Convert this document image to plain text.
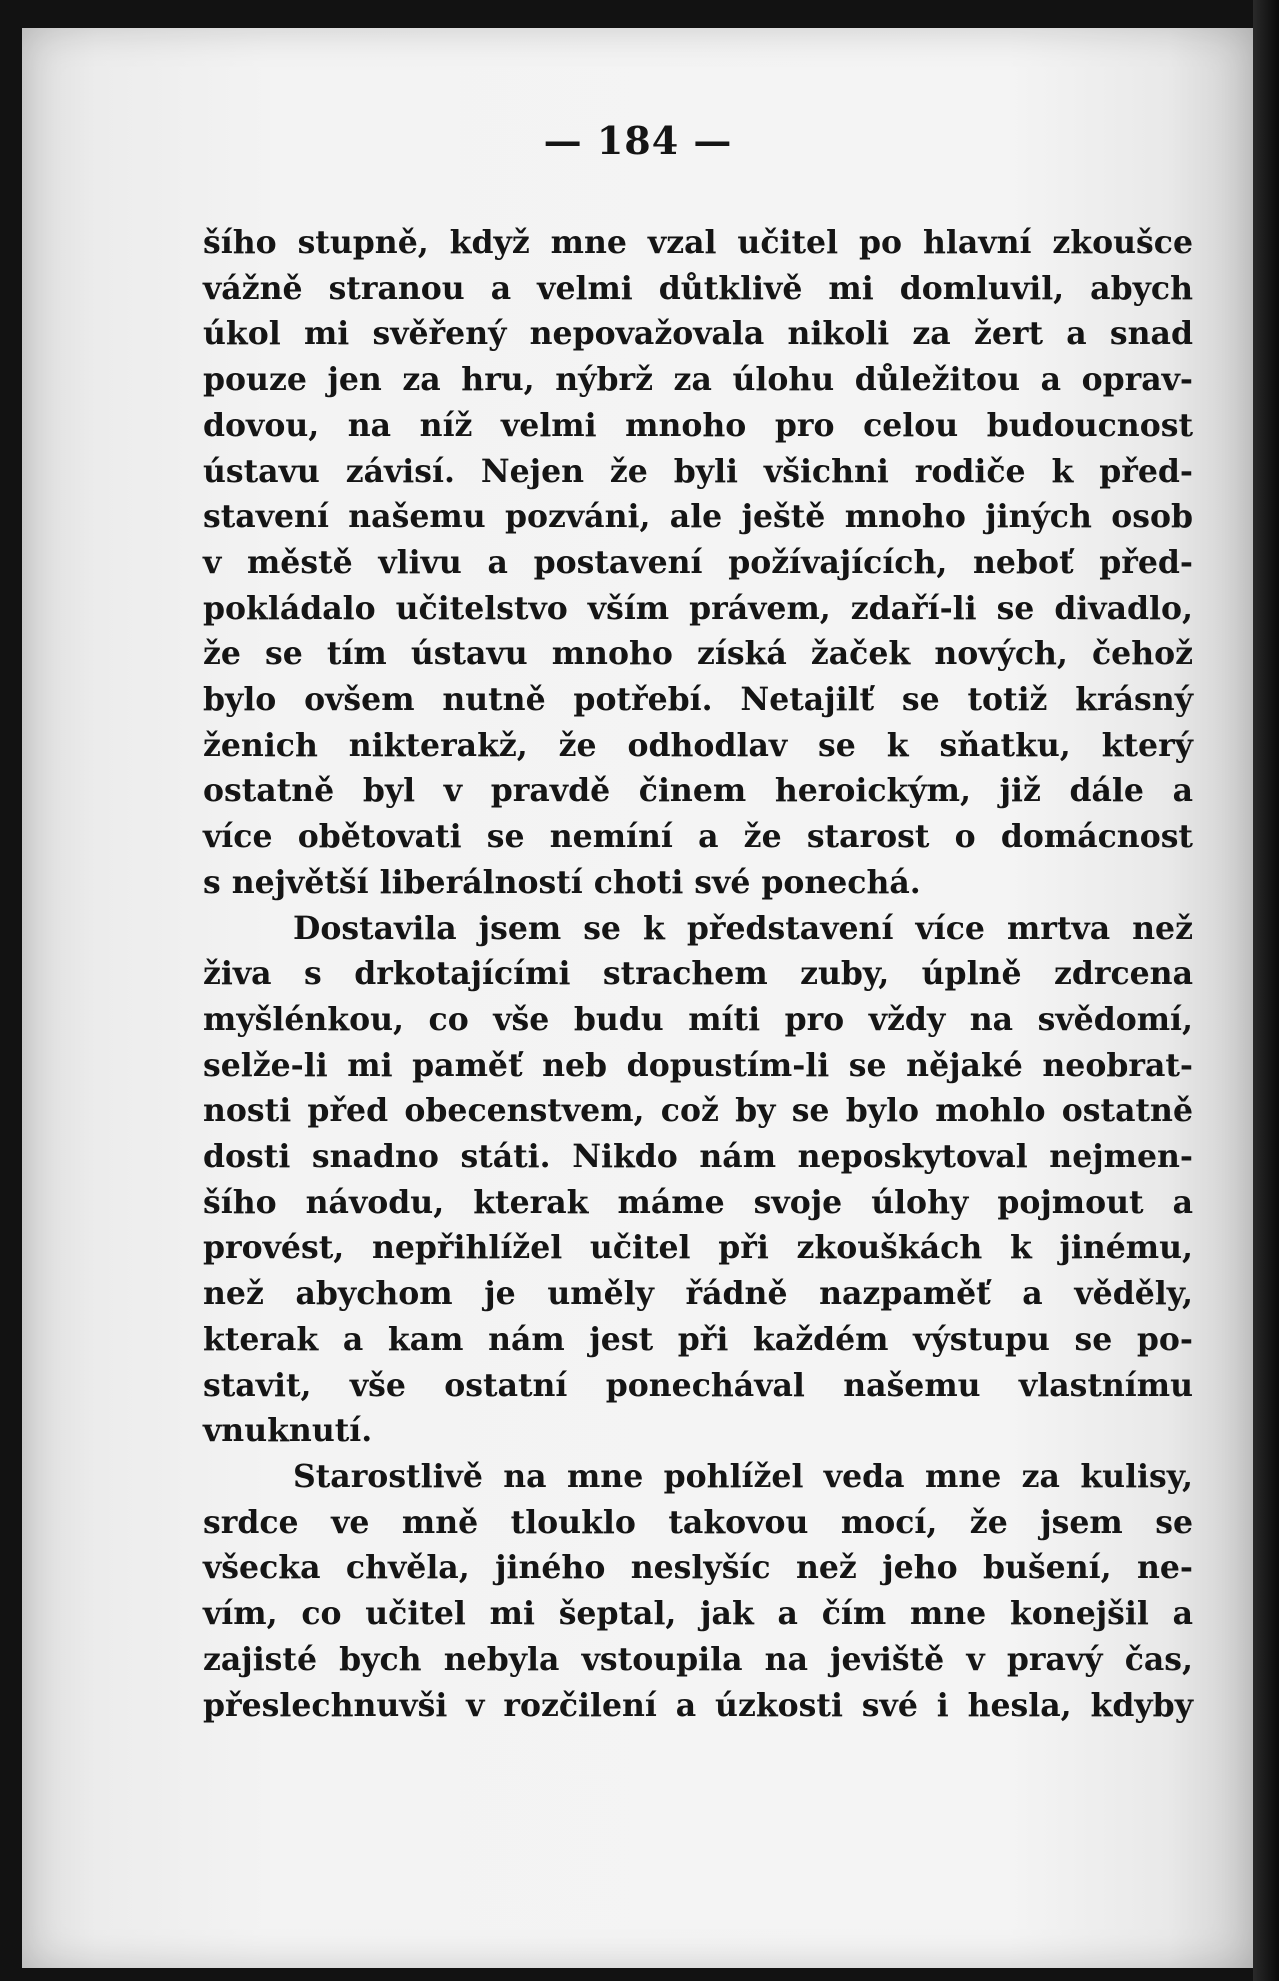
— 184 —
šího stupně, když mne vzal učitel po hlavní zkoušce
vážně stranou a velmi důtklivě mi domluvil, abych
úkol mi svěřený nepovažovala nikoli za žert a snad
pouze jen za hru, nýbrž za úlohu důležitou a oprav-
dovou, na níž velmi mnoho pro celou budoucnost
ústavu závisí. Nejen že byli všichni rodiče k před-
stavení našemu pozváni, ale ještě mnoho jiných osob
v městě vlivu a postavení požívajících, neboť před-
pokládalo učitelstvo vším právem, zdaří-li se divadlo,
že se tím ústavu mnoho získá žaček nových, čehož
bylo ovšem nutně potřebí. Netajilť se totiž krásný
ženich nikterakž, že odhodlav se k sňatku, který
ostatně byl v pravdě činem heroickým, již dále a
více obětovati se nemíní a že starost o domácnost
s největší liberálností choti své ponechá.
Dostavila jsem se k představení více mrtva než
živa s drkotajícími strachem zuby, úplně zdrcena
myšlénkou, co vše budu míti pro vždy na svědomí,
selže-li mi paměť neb dopustím-li se nějaké neobrat-
nosti před obecenstvem, což by se bylo mohlo ostatně
dosti snadno státi. Nikdo nám neposkytoval nejmen-
šího návodu, kterak máme svoje úlohy pojmout a
provést, nepřihlížel učitel při zkouškách k jinému,
než abychom je uměly řádně nazpaměť a věděly,
kterak a kam nám jest při každém výstupu se po-
stavit, vše ostatní ponechával našemu vlastnímu
vnuknutí.
Starostlivě na mne pohlížel veda mne za kulisy,
srdce ve mně tlouklo takovou mocí, že jsem se
všecka chvěla, jiného neslyšíc než jeho bušení, ne-
vím, co učitel mi šeptal, jak a čím mne konejšil a
zajisté bych nebyla vstoupila na jeviště v pravý čas,
přeslechnuvši v rozčilení a úzkosti své i hesla, kdyby
